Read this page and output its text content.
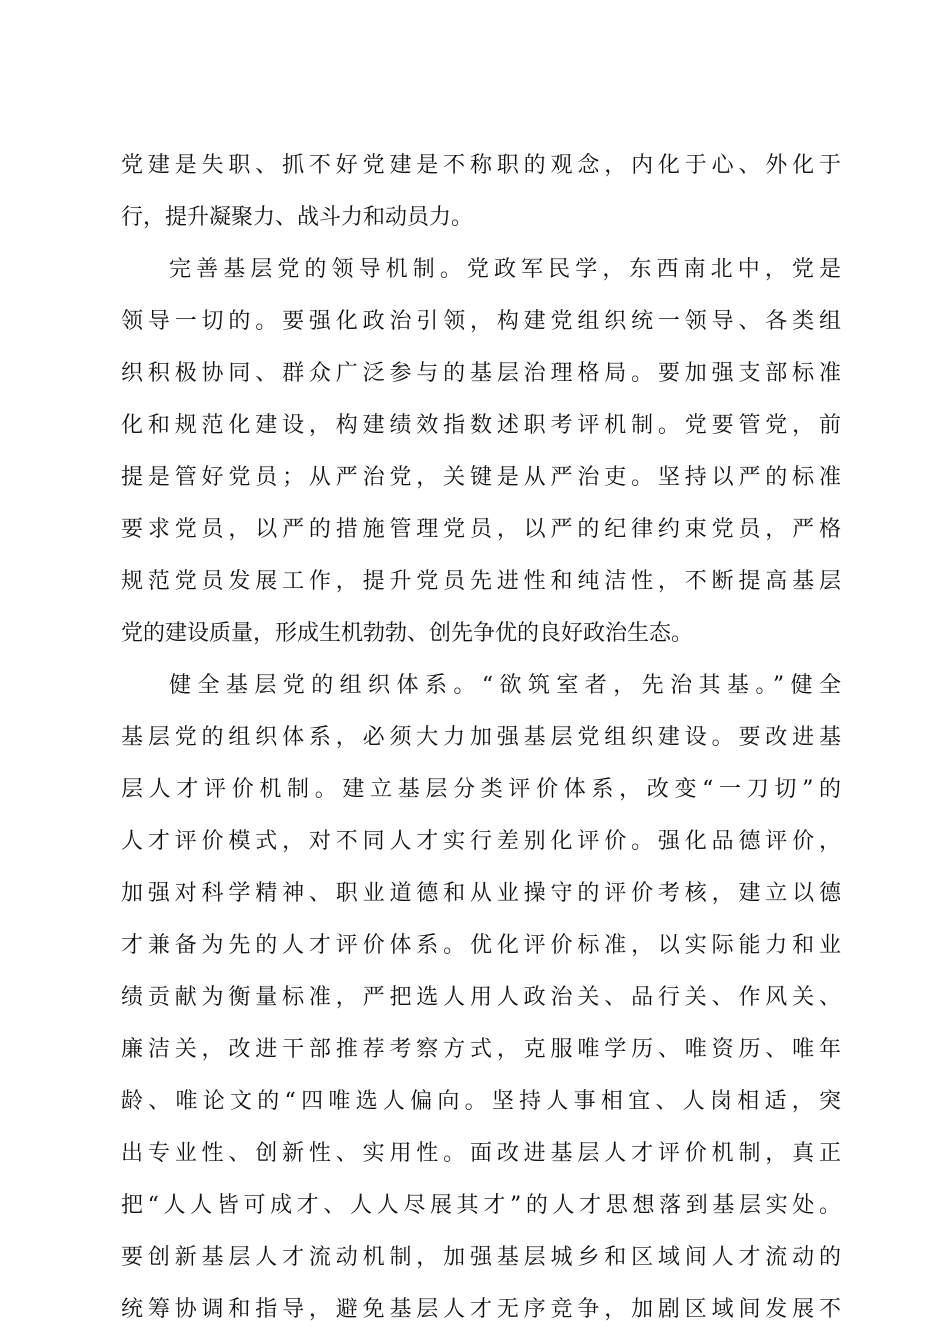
党建是失职、抓不好党建是不称职的观念，内化于心、外化于
行，提升凝聚力、战斗力和动员力。
完善基层党的领导机制。党政军民学，东西南北中，党是
领导一切的。要强化政治引领，构建党组织统一领导、各类组
织积极协同、群众广泛参与的基层治理格局。要加强支部标准
化和规范化建设，构建绩效指数述职考评机制。党要管党，前
提是管好党员；从严治党，关键是从严治吏。坚持以严的标准
要求党员，以严的措施管理党员，以严的纪律约束党员，严格
规范党员发展工作，提升党员先进性和纯洁性，不断提高基层
党的建设质量，形成生机勃勃、创先争优的良好政治生态。
健全基层党的组织体系。“欲筑室者，先治其基。”健全
基层党的组织体系，必须大力加强基层党组织建设。要改进基
层人才评价机制。建立基层分类评价体系，改变“一刀切”的
人才评价模式，对不同人才实行差别化评价。强化品德评价，
加强对科学精神、职业道德和从业操守的评价考核，建立以德
才兼备为先的人才评价体系。优化评价标准，以实际能力和业
绩贡献为衡量标准，严把选人用人政治关、品行关、作风关、
廉洁关，改进干部推荐考察方式，克服唯学历、唯资历、唯年
龄、唯论文的“四唯选人偏向。坚持人事相宜、人岗相适，突
出专业性、创新性、实用性。面改进基层人才评价机制，真正
把“人人皆可成才、人人尽展其才”的人才思想落到基层实处。
要创新基层人才流动机制，加强基层城乡和区域间人才流动的
统筹协调和指导，避免基层人才无序竞争，加剧区域间发展不
